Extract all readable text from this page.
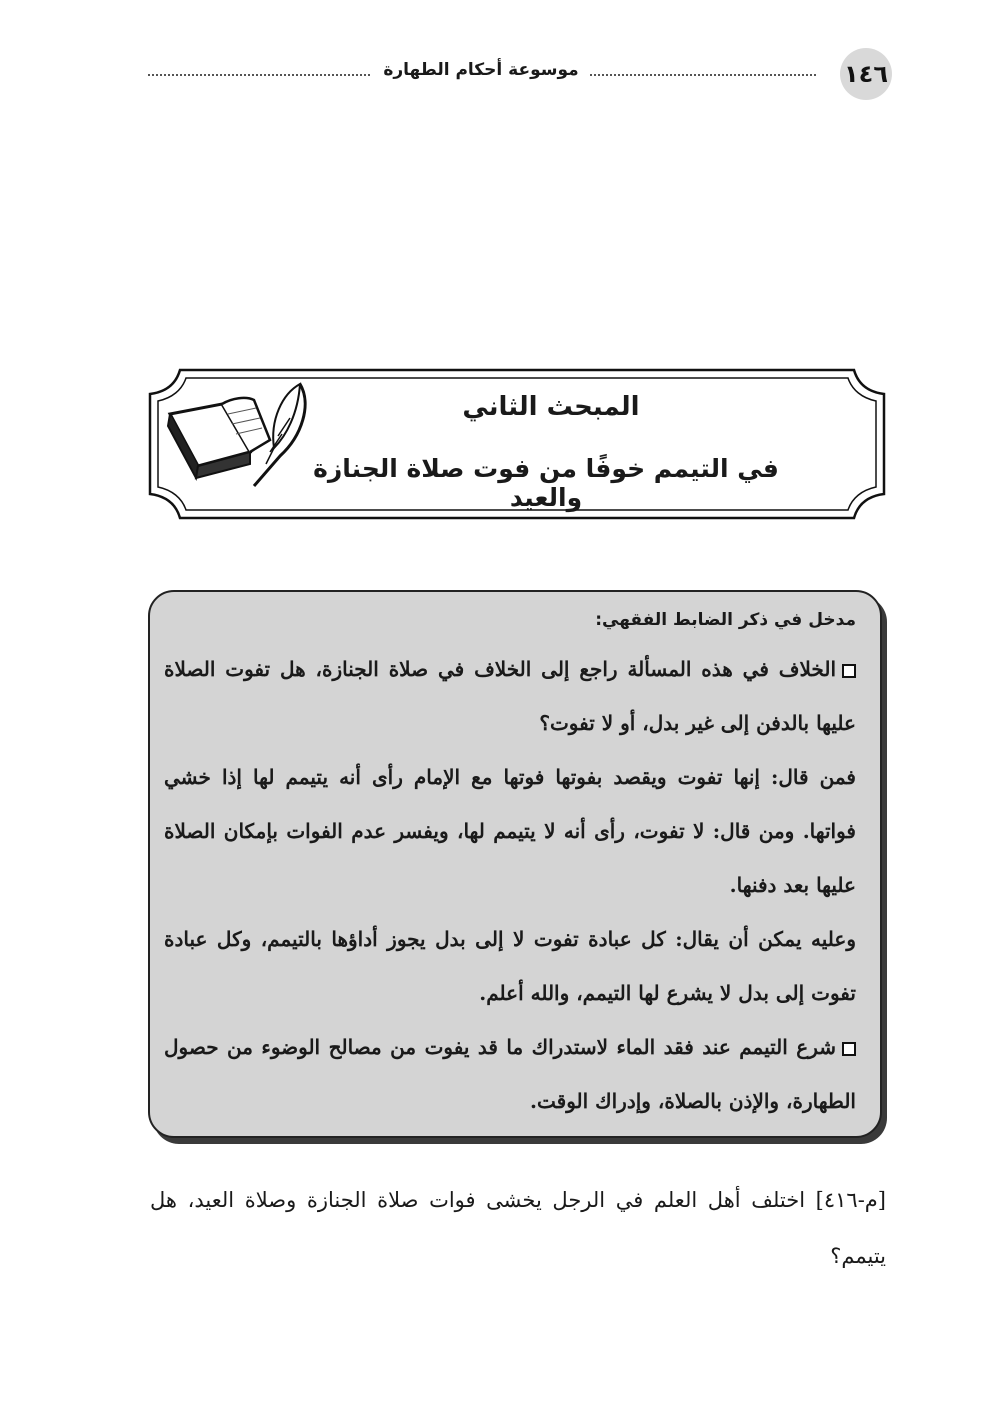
موسوعة أحكام الطهارة	١٤٦
المبحث الثاني
في التيمم خوفًا من فوت صلاة الجنازة والعيد

مدخل في ذكر الضابط الفقهي:

الخلاف في هذه المسألة راجع إلى الخلاف في صلاة الجنازة، هل تفوت الصلاة عليها بالدفن إلى غير بدل، أو لا تفوت؟

فمن قال: إنها تفوت ويقصد بفوتها فوتها مع الإمام رأى أنه يتيمم لها إذا خشي فواتها. ومن قال: لا تفوت، رأى أنه لا يتيمم لها، ويفسر عدم الفوات بإمكان الصلاة عليها بعد دفنها.

وعليه يمكن أن يقال: كل عبادة تفوت لا إلى بدل يجوز أداؤها بالتيمم، وكل عبادة تفوت إلى بدل لا يشرع لها التيمم، والله أعلم.

شرع التيمم عند فقد الماء لاستدراك ما قد يفوت من مصالح الوضوء من حصول الطهارة، والإذن بالصلاة، وإدراك الوقت.

[م-٤١٦] اختلف أهل العلم في الرجل يخشى فوات صلاة الجنازة وصلاة العيد، هل يتيمم؟
